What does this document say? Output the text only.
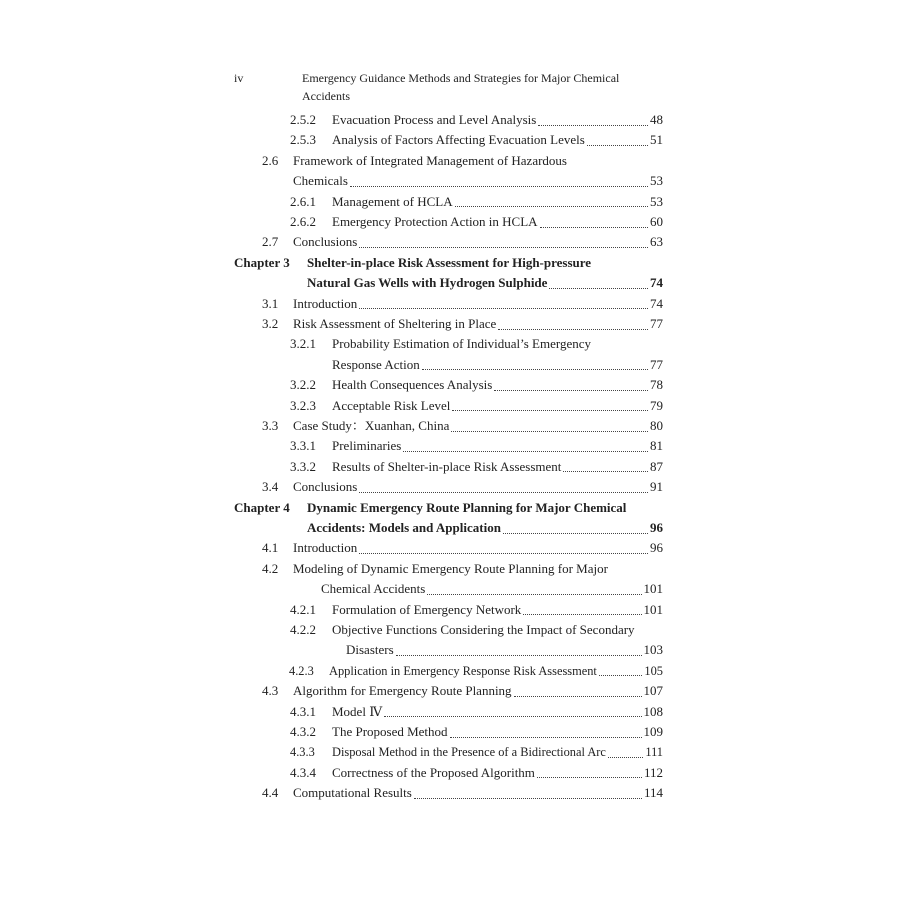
iv	Emergency Guidance Methods and Strategies for Major Chemical Accidents
2.5.2 Evacuation Process and Level Analysis	48
2.5.3 Analysis of Factors Affecting Evacuation Levels	51
2.6 Framework of Integrated Management of Hazardous
Chemicals	53
2.6.1 Management of HCLA	53
2.6.2 Emergency Protection Action in HCLA	60
2.7 Conclusions	63
Chapter 3 Shelter-in-place Risk Assessment for High-pressure
Natural Gas Wells with Hydrogen Sulphide	74
3.1 Introduction	74
3.2 Risk Assessment of Sheltering in Place	77
3.2.1 Probability Estimation of Individual’s Emergency
Response Action	77
3.2.2 Health Consequences Analysis	78
3.2.3 Acceptable Risk Level	79
3.3 Case Study：Xuanhan, China	80
3.3.1 Preliminaries	81
3.3.2 Results of Shelter-in-place Risk Assessment	87
3.4 Conclusions	91
Chapter 4 Dynamic Emergency Route Planning for Major Chemical
Accidents: Models and Application	96
4.1 Introduction	96
4.2 Modeling of Dynamic Emergency Route Planning for Major
Chemical Accidents	101
4.2.1 Formulation of Emergency Network	101
4.2.2 Objective Functions Considering the Impact of Secondary
Disasters	103
4.2.3 Application in Emergency Response Risk Assessment	105
4.3 Algorithm for Emergency Route Planning	107
4.3.1 Model Ⅳ	108
4.3.2 The Proposed Method	109
4.3.3 Disposal Method in the Presence of a Bidirectional Arc	111
4.3.4 Correctness of the Proposed Algorithm	112
4.4 Computational Results	114
